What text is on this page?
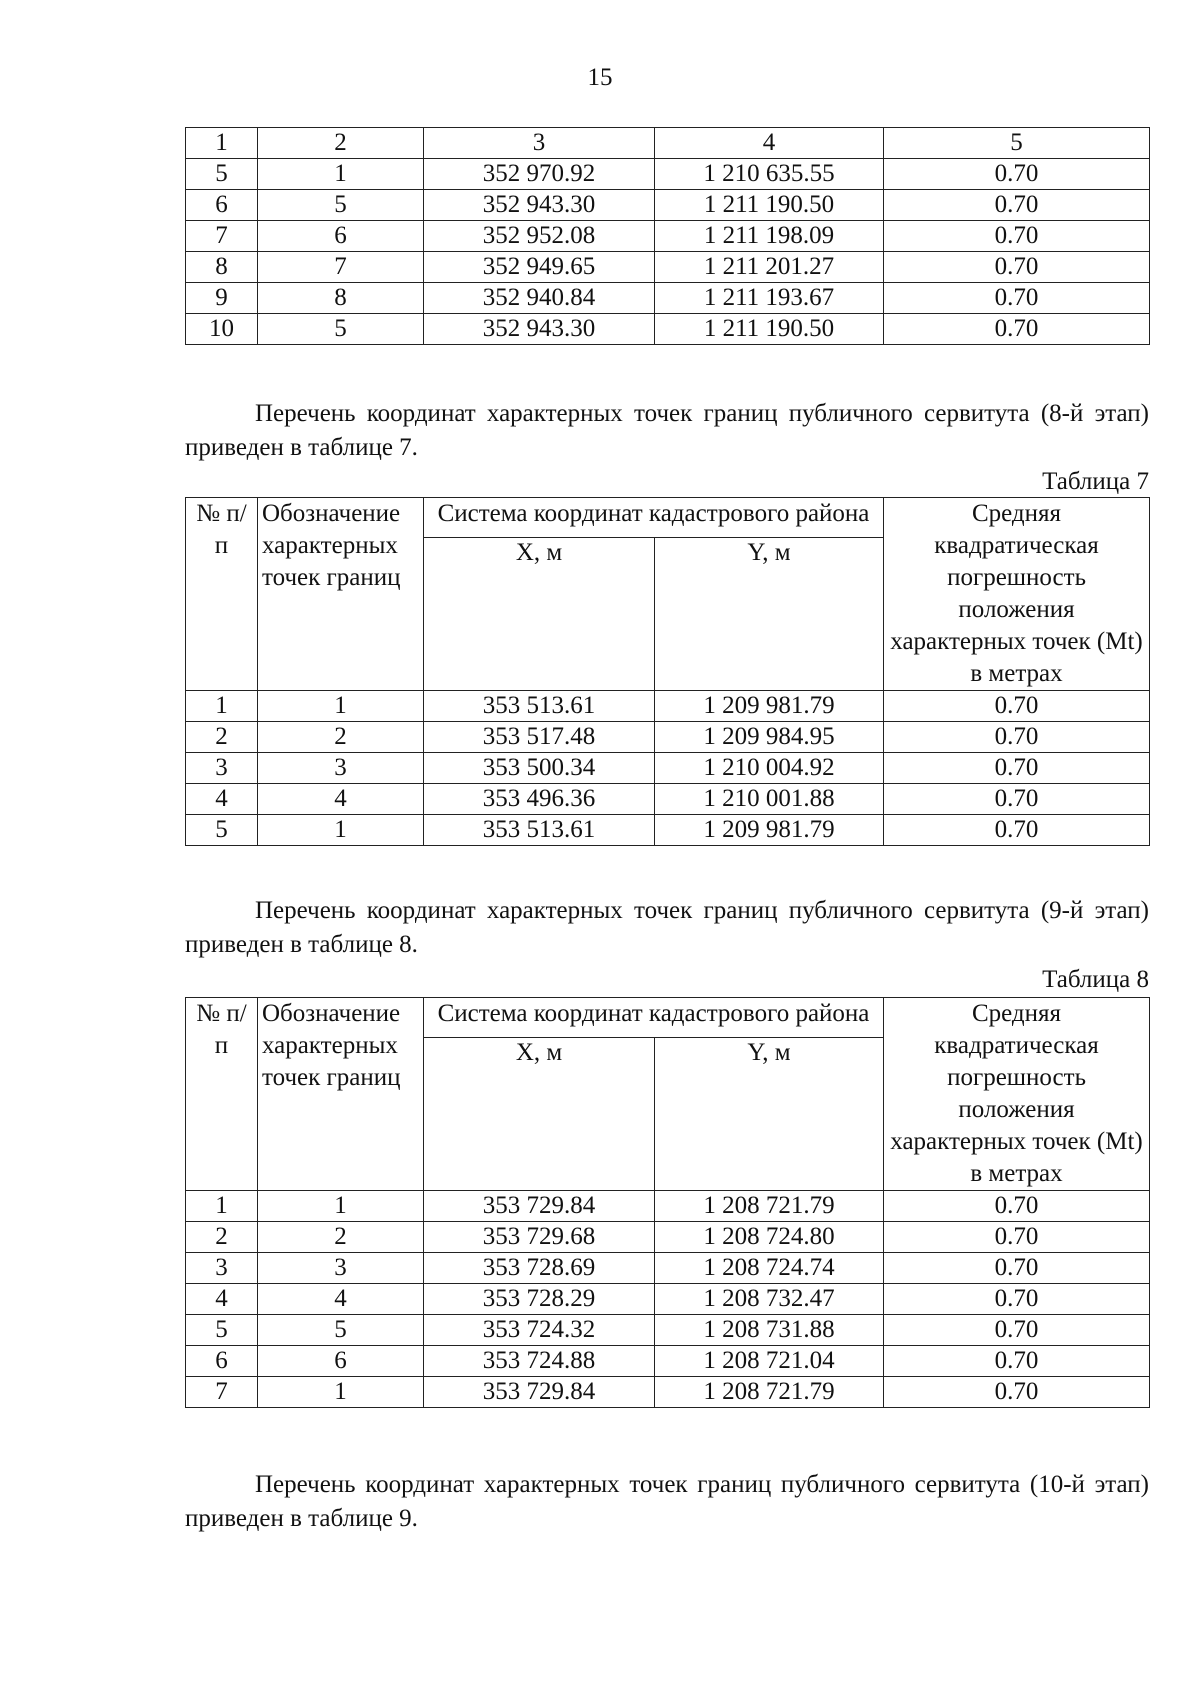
15
1	2	3	4	5
5	1	352 970.92	1 210 635.55	0.70
6	5	352 943.30	1 211 190.50	0.70
7	6	352 952.08	1 211 198.09	0.70
8	7	352 949.65	1 211 201.27	0.70
9	8	352 940.84	1 211 193.67	0.70
10	5	352 943.30	1 211 190.50	0.70
Перечень координат характерных точек границ публичного сервитута (8-й этап) приведен в таблице 7.
Таблица 7
№ п/п	Обозначение характерных точек границ	Система координат кадастрового района		Средняя квадратическая погрешность положения характерных точек (Mt) в метрах
		X, м	Y, м	
1	1	353 513.61	1 209 981.79	0.70
2	2	353 517.48	1 209 984.95	0.70
3	3	353 500.34	1 210 004.92	0.70
4	4	353 496.36	1 210 001.88	0.70
5	1	353 513.61	1 209 981.79	0.70
Перечень координат характерных точек границ публичного сервитута (9-й этап) приведен в таблице 8.
Таблица 8
№ п/п	Обозначение характерных точек границ	Система координат кадастрового района		Средняя квадратическая погрешность положения характерных точек (Mt) в метрах
		X, м	Y, м	
1	1	353 729.84	1 208 721.79	0.70
2	2	353 729.68	1 208 724.80	0.70
3	3	353 728.69	1 208 724.74	0.70
4	4	353 728.29	1 208 732.47	0.70
5	5	353 724.32	1 208 731.88	0.70
6	6	353 724.88	1 208 721.04	0.70
7	1	353 729.84	1 208 721.79	0.70
Перечень координат характерных точек границ публичного сервитута (10-й этап) приведен в таблице 9.
